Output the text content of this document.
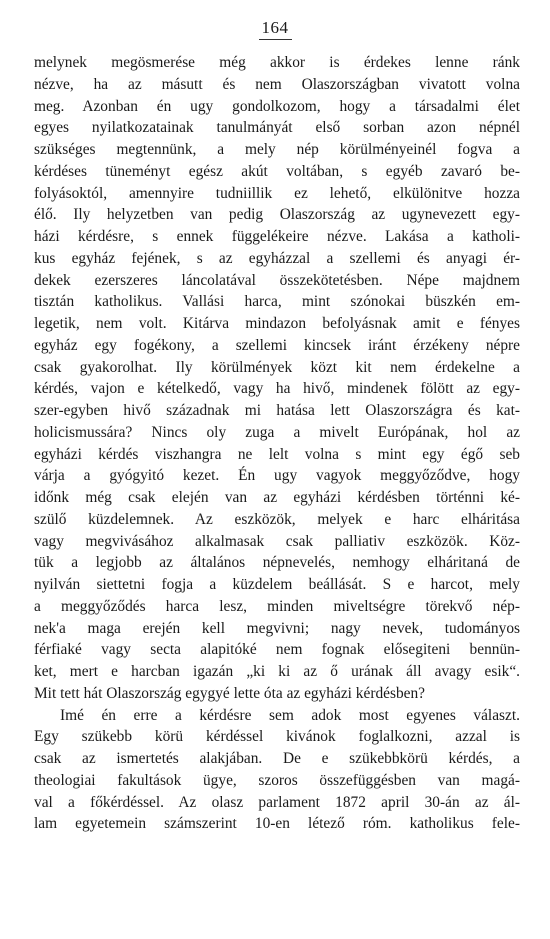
164
melynek megösmerése még akkor is érdekes lenne ránk
nézve, ha az másutt és nem Olaszországban vivatott volna
meg. Azonban én ugy gondolkozom, hogy a társadalmi élet
egyes nyilatkozatainak tanulmányát első sorban azon népnél
szükséges megtennünk, a mely nép körülményeinél fogva a
kérdéses tüneményt egész akút voltában, s egyéb zavaró be-
folyásoktól, amennyire tudniillik ez lehető, elkülönitve hozza
élő. Ily helyzetben van pedig Olaszország az ugynevezett egy-
házi kérdésre, s ennek függelékeire nézve. Lakása a katholi-
kus egyház fejének, s az egyházzal a szellemi és anyagi ér-
dekek ezerszeres láncolatával összekötetésben. Népe majdnem
tisztán katholikus. Vallási harca, mint szónokai büszkén em-
legetik, nem volt. Kitárva mindazon befolyásnak amit e fényes
egyház egy fogékony, a szellemi kincsek iránt érzékeny népre
csak gyakorolhat. Ily körülmények közt kit nem érdekelne a
kérdés, vajon e kételkedő, vagy ha hivő, mindenek fölött az egy-
szer-egyben hivő századnak mi hatása lett Olaszországra és kat-
holicismussára? Nincs oly zuga a mivelt Európának, hol az
egyházi kérdés viszhangra ne lelt volna s mint egy égő seb
várja a gyógyitó kezet. Én ugy vagyok meggyőződve, hogy
időnk még csak elején van az egyházi kérdésben történni ké-
szülő küzdelemnek. Az eszközök, melyek e harc elháritása
vagy megvivásához alkalmasak csak palliativ eszközök. Köz-
tük a legjobb az általános népnevelés, nemhogy elháritaná de
nyilván siettetni fogja a küzdelem beállását. S e harcot, mely
a meggyőződés harca lesz, minden miveltségre törekvő nép-
nek'a maga erején kell megvivni; nagy nevek, tudományos
férfiaké vagy secta alapitóké nem fognak elősegiteni bennün-
ket, mert e harcban igazán „ki ki az ő urának áll avagy esik“.
Mit tett hát Olaszország egygyé lette óta az egyházi kérdésben?
Imé én erre a kérdésre sem adok most egyenes választ.
Egy szükebb körü kérdéssel kivánok foglalkozni, azzal is
csak az ismertetés alakjában. De e szükebbkörü kérdés, a
theologiai fakultások ügye, szoros összefüggésben van magá-
val a főkérdéssel. Az olasz parlament 1872 april 30-án az ál-
lam egyetemein számszerint 10-en létező róm. katholikus fele-
